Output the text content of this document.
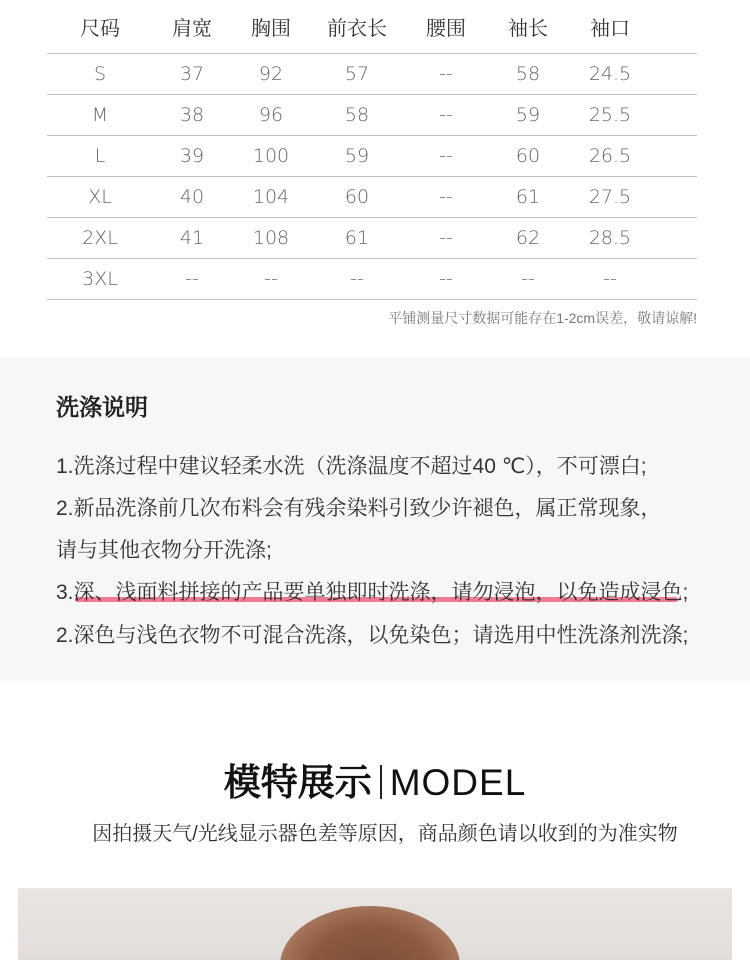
尺码	肩宽	胸围	前衣长	腰围	袖长	袖口
S	37	92	57	--	58	24.5
M	38	96	58	--	59	25.5
L	39	100	59	--	60	26.5
XL	40	104	60	--	61	27.5
2XL	41	108	61	--	62	28.5
3XL	--	--	--	--	--	--
平铺测量尺寸数据可能存在1-2cm误差，敬请谅解!
洗涤说明
1.洗涤过程中建议轻柔水洗（洗涤温度不超过40 ℃），不可漂白;
2.新品洗涤前几次布料会有残余染料引致少许褪色，属正常现象，
请与其他衣物分开洗涤;
3.深、浅面料拼接的产品要单独即时洗涤，请勿浸泡，以免造成浸色;
2.深色与浅色衣物不可混合洗涤，以免染色；请选用中性洗涤剂洗涤;
模特展示 MODEL
因拍摄天气/光线显示器色差等原因，商品颜色请以收到的为准实物
